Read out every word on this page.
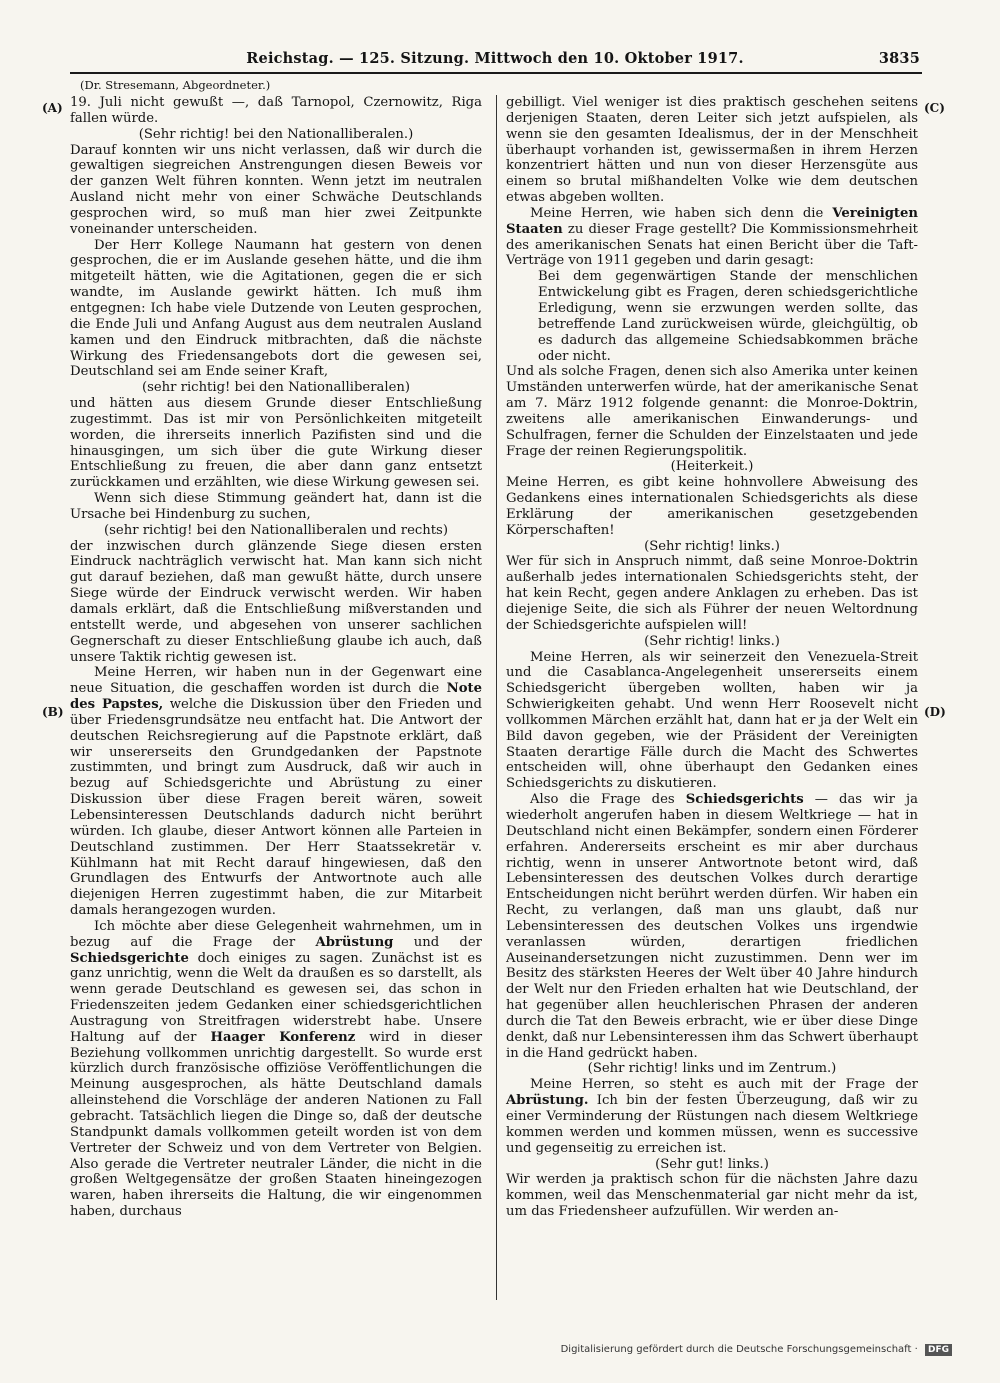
Reichstag. — 125. Sitzung. Mittwoch den 10. Oktober 1917.	3835
(Dr. Stresemann, Abgeordneter.)
(A)
(B)
(C)
(D)

19. Juli nicht gewußt —, daß Tarnopol, Czernowitz, Riga fallen würde.

(Sehr richtig! bei den Nationalliberalen.)

Darauf konnten wir uns nicht verlassen, daß wir durch die gewaltigen siegreichen Anstrengungen diesen Beweis vor der ganzen Welt führen konnten. Wenn jetzt im neutralen Ausland nicht mehr von einer Schwäche Deutschlands gesprochen wird, so muß man hier zwei Zeitpunkte voneinander unterscheiden.

Der Herr Kollege Naumann hat gestern von denen gesprochen, die er im Auslande gesehen hätte, und die ihm mitgeteilt hätten, wie die Agitationen, gegen die er sich wandte, im Auslande gewirkt hätten. Ich muß ihm entgegnen: Ich habe viele Dutzende von Leuten gesprochen, die Ende Juli und Anfang August aus dem neutralen Ausland kamen und den Eindruck mitbrachten, daß die nächste Wirkung des Friedensangebots dort die gewesen sei, Deutschland sei am Ende seiner Kraft,

(sehr richtig! bei den Nationalliberalen)

und hätten aus diesem Grunde dieser Entschließung zugestimmt. Das ist mir von Persönlichkeiten mitgeteilt worden, die ihrerseits innerlich Pazifisten sind und die hinausgingen, um sich über die gute Wirkung dieser Entschließung zu freuen, die aber dann ganz entsetzt zurückkamen und erzählten, wie diese Wirkung gewesen sei.

Wenn sich diese Stimmung geändert hat, dann ist die Ursache bei Hindenburg zu suchen,

(sehr richtig! bei den Nationalliberalen und rechts)

der inzwischen durch glänzende Siege diesen ersten Eindruck nachträglich verwischt hat. Man kann sich nicht gut darauf beziehen, daß man gewußt hätte, durch unsere Siege würde der Eindruck verwischt werden. Wir haben damals erklärt, daß die Entschließung mißverstanden und entstellt werde, und abgesehen von unserer sachlichen Gegnerschaft zu dieser Entschließung glaube ich auch, daß unsere Taktik richtig gewesen ist.

Meine Herren, wir haben nun in der Gegenwart eine neue Situation, die geschaffen worden ist durch die Note des Papstes, welche die Diskussion über den Frieden und über Friedensgrundsätze neu entfacht hat. Die Antwort der deutschen Reichsregierung auf die Papstnote erklärt, daß wir unsererseits den Grundgedanken der Papstnote zustimmten, und bringt zum Ausdruck, daß wir auch in bezug auf Schiedsgerichte und Abrüstung zu einer Diskussion über diese Fragen bereit wären, soweit Lebensinteressen Deutschlands dadurch nicht berührt würden. Ich glaube, dieser Antwort können alle Parteien in Deutschland zustimmen. Der Herr Staatssekretär v. Kühlmann hat mit Recht darauf hingewiesen, daß den Grundlagen des Entwurfs der Antwortnote auch alle diejenigen Herren zugestimmt haben, die zur Mitarbeit damals herangezogen wurden.

Ich möchte aber diese Gelegenheit wahrnehmen, um in bezug auf die Frage der Abrüstung und der Schiedsgerichte doch einiges zu sagen. Zunächst ist es ganz unrichtig, wenn die Welt da draußen es so darstellt, als wenn gerade Deutschland es gewesen sei, das schon in Friedenszeiten jedem Gedanken einer schiedsgerichtlichen Austragung von Streitfragen widerstrebt habe. Unsere Haltung auf der Haager Konferenz wird in dieser Beziehung vollkommen unrichtig dargestellt. So wurde erst kürzlich durch französische offiziöse Veröffentlichungen die Meinung ausgesprochen, als hätte Deutschland damals alleinstehend die Vorschläge der anderen Nationen zu Fall gebracht. Tatsächlich liegen die Dinge so, daß der deutsche Standpunkt damals vollkommen geteilt worden ist von dem Vertreter der Schweiz und von dem Vertreter von Belgien. Also gerade die Vertreter neutraler Länder, die nicht in die großen Weltgegensätze der großen Staaten hineingezogen waren, haben ihrerseits die Haltung, die wir eingenommen haben, durchaus

gebilligt. Viel weniger ist dies praktisch geschehen seitens derjenigen Staaten, deren Leiter sich jetzt aufspielen, als wenn sie den gesamten Idealismus, der in der Menschheit überhaupt vorhanden ist, gewissermaßen in ihrem Herzen konzentriert hätten und nun von dieser Herzensgüte aus einem so brutal mißhandelten Volke wie dem deutschen etwas abgeben wollten.

Meine Herren, wie haben sich denn die Vereinigten Staaten zu dieser Frage gestellt? Die Kommissionsmehrheit des amerikanischen Senats hat einen Bericht über die Taft-Verträge von 1911 gegeben und darin gesagt:

Bei dem gegenwärtigen Stande der menschlichen Entwickelung gibt es Fragen, deren schiedsgerichtliche Erledigung, wenn sie erzwungen werden sollte, das betreffende Land zurückweisen würde, gleichgültig, ob es dadurch das allgemeine Schiedsabkommen bräche oder nicht.

Und als solche Fragen, denen sich also Amerika unter keinen Umständen unterwerfen würde, hat der amerikanische Senat am 7. März 1912 folgende genannt: die Monroe-Doktrin, zweitens alle amerikanischen Einwanderungs- und Schulfragen, ferner die Schulden der Einzelstaaten und jede Frage der reinen Regierungspolitik.

(Heiterkeit.)

Meine Herren, es gibt keine hohnvollere Abweisung des Gedankens eines internationalen Schiedsgerichts als diese Erklärung der amerikanischen gesetzgebenden Körperschaften!

(Sehr richtig! links.)

Wer für sich in Anspruch nimmt, daß seine Monroe-Doktrin außerhalb jedes internationalen Schiedsgerichts steht, der hat kein Recht, gegen andere Anklagen zu erheben. Das ist diejenige Seite, die sich als Führer der neuen Weltordnung der Schiedsgerichte aufspielen will!

(Sehr richtig! links.)

Meine Herren, als wir seinerzeit den Venezuela-Streit und die Casablanca-Angelegenheit unsererseits einem Schiedsgericht übergeben wollten, haben wir ja Schwierigkeiten gehabt. Und wenn Herr Roosevelt nicht vollkommen Märchen erzählt hat, dann hat er ja der Welt ein Bild davon gegeben, wie der Präsident der Vereinigten Staaten derartige Fälle durch die Macht des Schwertes entscheiden will, ohne überhaupt den Gedanken eines Schiedsgerichts zu diskutieren.

Also die Frage des Schiedsgerichts — das wir ja wiederholt angerufen haben in diesem Weltkriege — hat in Deutschland nicht einen Bekämpfer, sondern einen Förderer erfahren. Andererseits erscheint es mir aber durchaus richtig, wenn in unserer Antwortnote betont wird, daß Lebensinteressen des deutschen Volkes durch derartige Entscheidungen nicht berührt werden dürfen. Wir haben ein Recht, zu verlangen, daß man uns glaubt, daß nur Lebensinteressen des deutschen Volkes uns irgendwie veranlassen würden, derartigen friedlichen Auseinandersetzungen nicht zuzustimmen. Denn wer im Besitz des stärksten Heeres der Welt über 40 Jahre hindurch der Welt nur den Frieden erhalten hat wie Deutschland, der hat gegenüber allen heuchlerischen Phrasen der anderen durch die Tat den Beweis erbracht, wie er über diese Dinge denkt, daß nur Lebensinteressen ihm das Schwert überhaupt in die Hand gedrückt haben.

(Sehr richtig! links und im Zentrum.)

Meine Herren, so steht es auch mit der Frage der Abrüstung. Ich bin der festen Überzeugung, daß wir zu einer Verminderung der Rüstungen nach diesem Weltkriege kommen werden und kommen müssen, wenn es successive und gegenseitig zu erreichen ist.

(Sehr gut! links.)

Wir werden ja praktisch schon für die nächsten Jahre dazu kommen, weil das Menschenmaterial gar nicht mehr da ist, um das Friedensheer aufzufüllen. Wir werden an-

Digitalisierung gefördert durch die Deutsche Forschungsgemeinschaft · DFG
